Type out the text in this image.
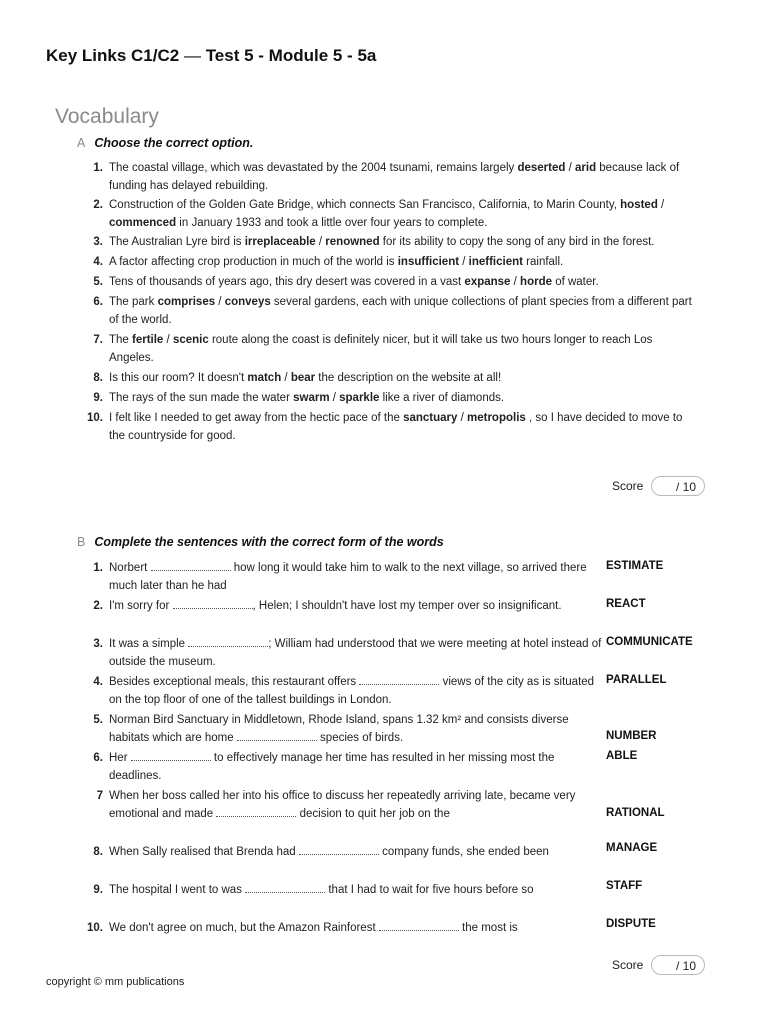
Key Links C1/C2 — Test 5 - Module 5 - 5a
Vocabulary
A Choose the correct option.
1. The coastal village, which was devastated by the 2004 tsunami, remains largely deserted / arid because lack of funding has delayed rebuilding.
2. Construction of the Golden Gate Bridge, which connects San Francisco, California, to Marin County, hosted / commenced in January 1933 and took a little over four years to complete.
3. The Australian Lyre bird is irreplaceable / renowned for its ability to copy the song of any bird in the forest.
4. A factor affecting crop production in much of the world is insufficient / inefficient rainfall.
5. Tens of thousands of years ago, this dry desert was covered in a vast expanse / horde of water.
6. The park comprises / conveys several gardens, each with unique collections of plant species from a different part of the world.
7. The fertile / scenic route along the coast is definitely nicer, but it will take us two hours longer to reach Los Angeles.
8. Is this our room? It doesn't match / bear the description on the website at all!
9. The rays of the sun made the water swarm / sparkle like a river of diamonds.
10. I felt like I needed to get away from the hectic pace of the sanctuary / metropolis , so I have decided to move to the countryside for good.
Score	/ 10
B Complete the sentences with the correct form of the words
1. Norbert	how long it would take him to walk to the next village, so arrived there much later than he had
ESTIMATE
2. I'm sorry for	, Helen; I shouldn't have lost my temper over so insignificant.	REACT
3. It was a simple	; William had understood that we were meeting at hotel instead of outside the museum.
COMMUNICATE
4. Besides exceptional meals, this restaurant offers	views of the city as is situated on the top floor of one of the tallest buildings in London.
PARALLEL
5. Norman Bird Sanctuary in Middletown, Rhode Island, spans 1.32 km² and consists diverse habitats which are home	species of birds.	NUMBER
6. Her	to effectively manage her time has resulted in her missing most the deadlines.
ABLE
7 When her boss called her into his office to discuss her repeatedly arriving late, became very emotional and made	decision to quit her job on the	RATIONAL
8. When Sally realised that Brenda had	company funds, she ended been	MANAGE
9. The hospital I went to was	that I had to wait for five hours before so	STAFF
10. We don't agree on much, but the Amazon Rainforest	the most is	DISPUTE
Score	/ 10
copyright © mm publications
